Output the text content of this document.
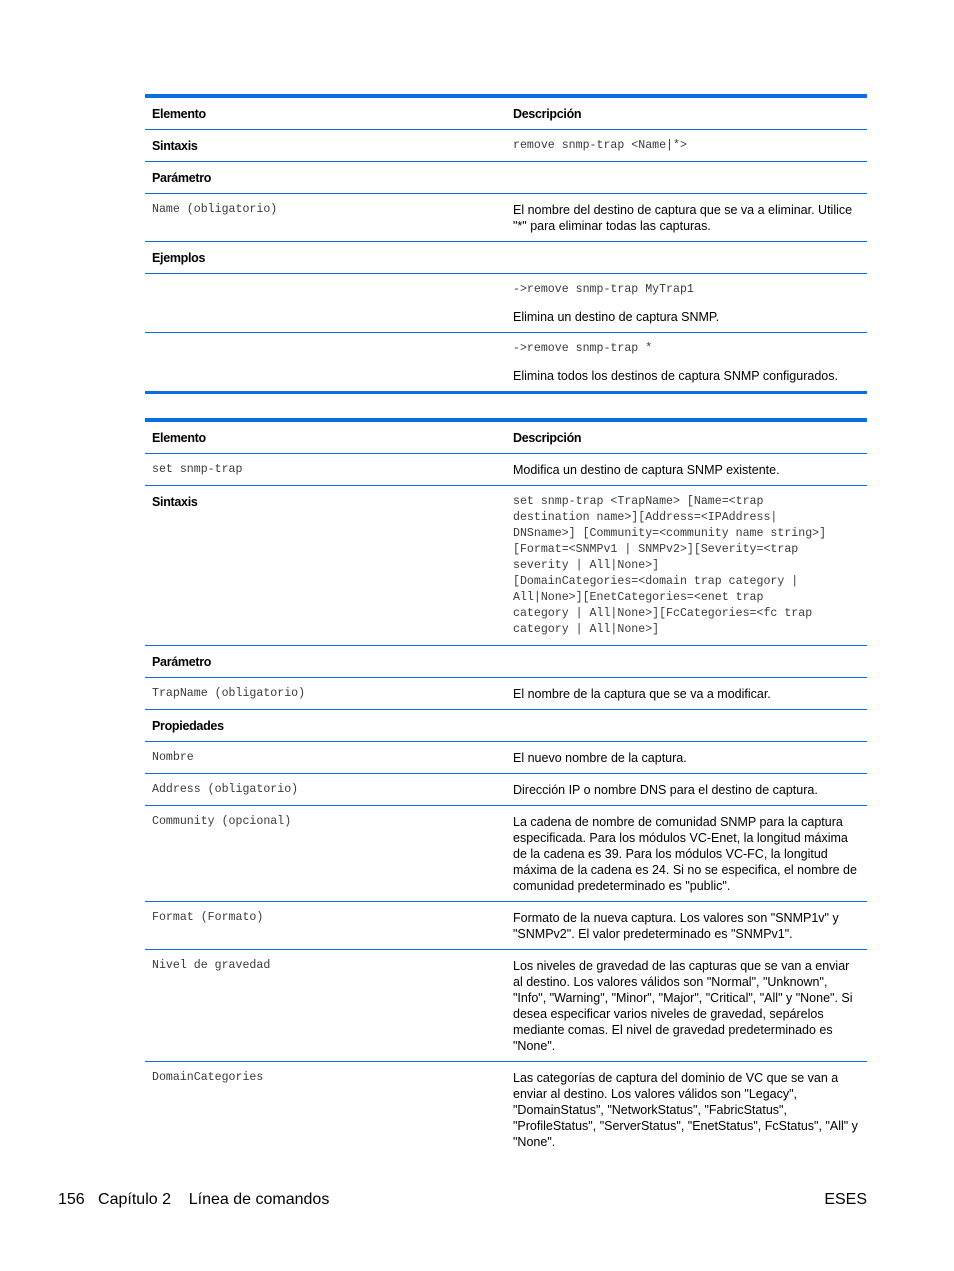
Elemento	Descripción
Sintaxis	remove snmp-trap <Name|*>
Parámetro
Name (obligatorio)	El nombre del destino de captura que se va a eliminar. Utilice "*" para eliminar todas las capturas.
Ejemplos
->remove snmp-trap MyTrap1
Elimina un destino de captura SNMP.
->remove snmp-trap *
Elimina todos los destinos de captura SNMP configurados.
Elemento	Descripción
set snmp-trap	Modifica un destino de captura SNMP existente.
Sintaxis	set snmp-trap <TrapName> [Name=<trap
destination name>][Address=<IPAddress|
DNSname>] [Community=<community name string>]
[Format=<SNMPv1 | SNMPv2>][Severity=<trap
severity | All|None>]
[DomainCategories=<domain trap category |
All|None>][EnetCategories=<enet trap
category | All|None>][FcCategories=<fc trap
category | All|None>]
Parámetro
TrapName (obligatorio)	El nombre de la captura que se va a modificar.
Propiedades
Nombre	El nuevo nombre de la captura.
Address (obligatorio)	Dirección IP o nombre DNS para el destino de captura.
Community (opcional)	La cadena de nombre de comunidad SNMP para la captura especificada. Para los módulos VC-Enet, la longitud máxima de la cadena es 39. Para los módulos VC-FC, la longitud máxima de la cadena es 24. Si no se especifica, el nombre de comunidad predeterminado es "public".
Format (Formato)	Formato de la nueva captura. Los valores son "SNMP1v" y "SNMPv2". El valor predeterminado es "SNMPv1".
Nivel de gravedad	Los niveles de gravedad de las capturas que se van a enviar al destino. Los valores válidos son "Normal", "Unknown", "Info", "Warning", "Minor", "Major", "Critical", "All" y "None". Si desea especificar varios niveles de gravedad, sepárelos mediante comas. El nivel de gravedad predeterminado es "None".
DomainCategories	Las categorías de captura del dominio de VC que se van a enviar al destino. Los valores válidos son "Legacy", "DomainStatus", "NetworkStatus", "FabricStatus", "ProfileStatus", "ServerStatus", "EnetStatus", FcStatus", "All" y "None".
156 Capítulo 2 Línea de comandos	ESES
